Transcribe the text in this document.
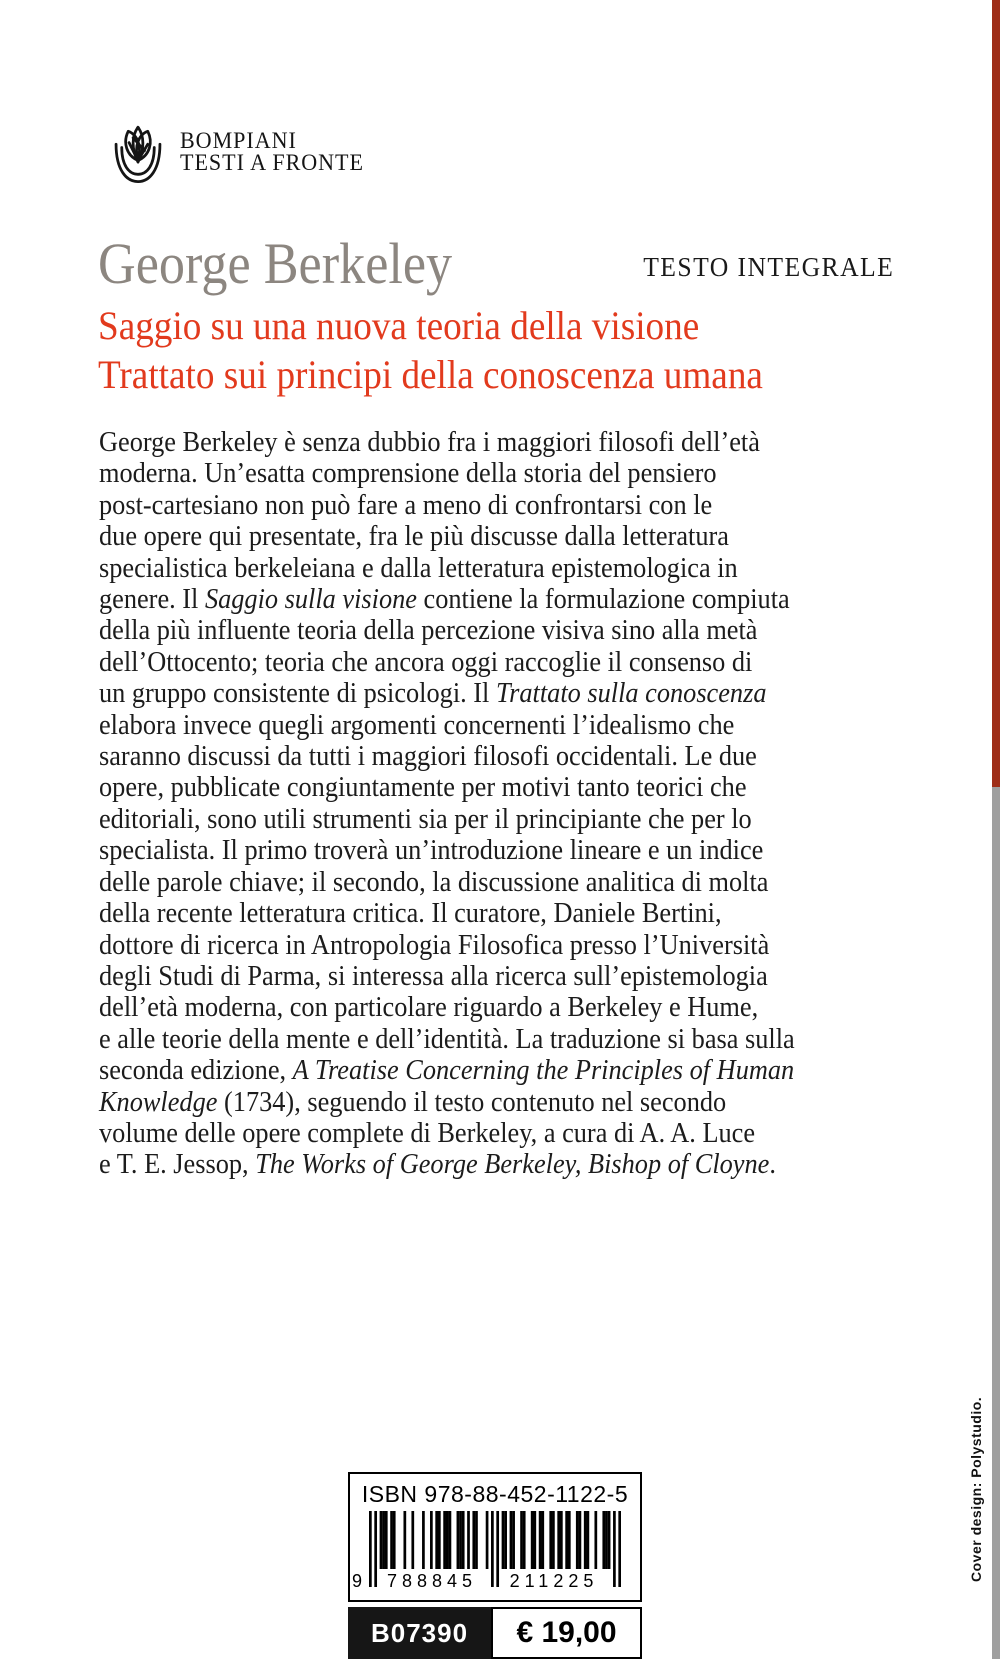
BOMPIANI
TESTI A FRONTE
George Berkeley	TESTO INTEGRALE
Saggio su una nuova teoria della visione
Trattato sui principi della conoscenza umana
George Berkeley è senza dubbio fra i maggiori filosofi dell’età
moderna. Un’esatta comprensione della storia del pensiero
post-cartesiano non può fare a meno di confrontarsi con le
due opere qui presentate, fra le più discusse dalla letteratura
specialistica berkeleiana e dalla letteratura epistemologica in
genere. Il Saggio sulla visione contiene la formulazione compiuta
della più influente teoria della percezione visiva sino alla metà
dell’Ottocento; teoria che ancora oggi raccoglie il consenso di
un gruppo consistente di psicologi. Il Trattato sulla conoscenza
elabora invece quegli argomenti concernenti l’idealismo che
saranno discussi da tutti i maggiori filosofi occidentali. Le due
opere, pubblicate congiuntamente per motivi tanto teorici che
editoriali, sono utili strumenti sia per il principiante che per lo
specialista. Il primo troverà un’introduzione lineare e un indice
delle parole chiave; il secondo, la discussione analitica di molta
della recente letteratura critica. Il curatore, Daniele Bertini,
dottore di ricerca in Antropologia Filosofica presso l’Università
degli Studi di Parma, si interessa alla ricerca sull’epistemologia
dell’età moderna, con particolare riguardo a Berkeley e Hume,
e alle teorie della mente e dell’identità. La traduzione si basa sulla
seconda edizione, A Treatise Concerning the Principles of Human
Knowledge (1734), seguendo il testo contenuto nel secondo
volume delle opere complete di Berkeley, a cura di A. A. Luce
e T. E. Jessop, The Works of George Berkeley, Bishop of Cloyne.
ISBN 978-88-452-1122-5
9	788845	211225
B07390	€ 19,00
Cover design: Polystudio.
